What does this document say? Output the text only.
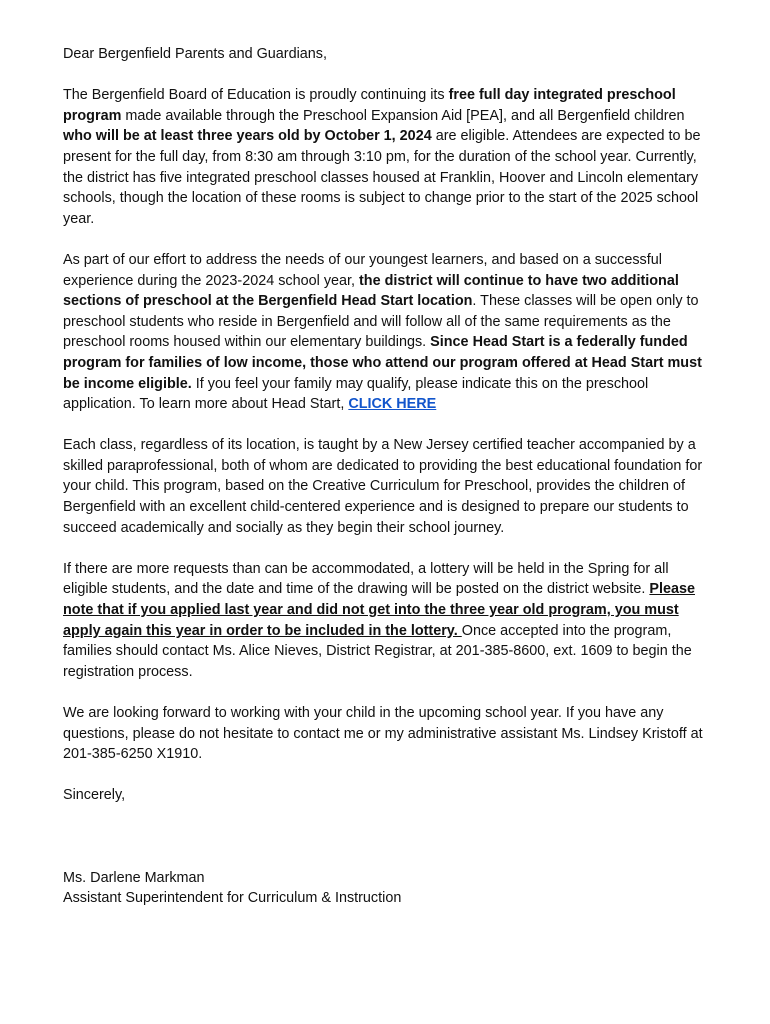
Dear Bergenfield Parents and Guardians,

The Bergenfield Board of Education is proudly continuing its free full day integrated preschool program made available through the Preschool Expansion Aid [PEA], and all Bergenfield children who will be at least three years old by October 1, 2024 are eligible. Attendees are expected to be present for the full day, from 8:30 am through 3:10 pm, for the duration of the school year. Currently, the district has five integrated preschool classes housed at Franklin, Hoover and Lincoln elementary schools, though the location of these rooms is subject to change prior to the start of the 2025 school year.

As part of our effort to address the needs of our youngest learners, and based on a successful experience during the 2023-2024 school year, the district will continue to have two additional sections of preschool at the Bergenfield Head Start location. These classes will be open only to preschool students who reside in Bergenfield and will follow all of the same requirements as the preschool rooms housed within our elementary buildings. Since Head Start is a federally funded program for families of low income, those who attend our program offered at Head Start must be income eligible. If you feel your family may qualify, please indicate this on the preschool application. To learn more about Head Start, CLICK HERE

Each class, regardless of its location, is taught by a New Jersey certified teacher accompanied by a skilled paraprofessional, both of whom are dedicated to providing the best educational foundation for your child. This program, based on the Creative Curriculum for Preschool, provides the children of Bergenfield with an excellent child-centered experience and is designed to prepare our students to succeed academically and socially as they begin their school journey.

If there are more requests than can be accommodated, a lottery will be held in the Spring for all eligible students, and the date and time of the drawing will be posted on the district website. Please note that if you applied last year and did not get into the three year old program, you must apply again this year in order to be included in the lottery. Once accepted into the program, families should contact Ms. Alice Nieves, District Registrar, at 201-385-8600, ext. 1609 to begin the registration process.

We are looking forward to working with your child in the upcoming school year. If you have any questions, please do not hesitate to contact me or my administrative assistant Ms. Lindsey Kristoff at 201-385-6250 X1910.

Sincerely,

Ms. Darlene Markman

Assistant Superintendent for Curriculum & Instruction
